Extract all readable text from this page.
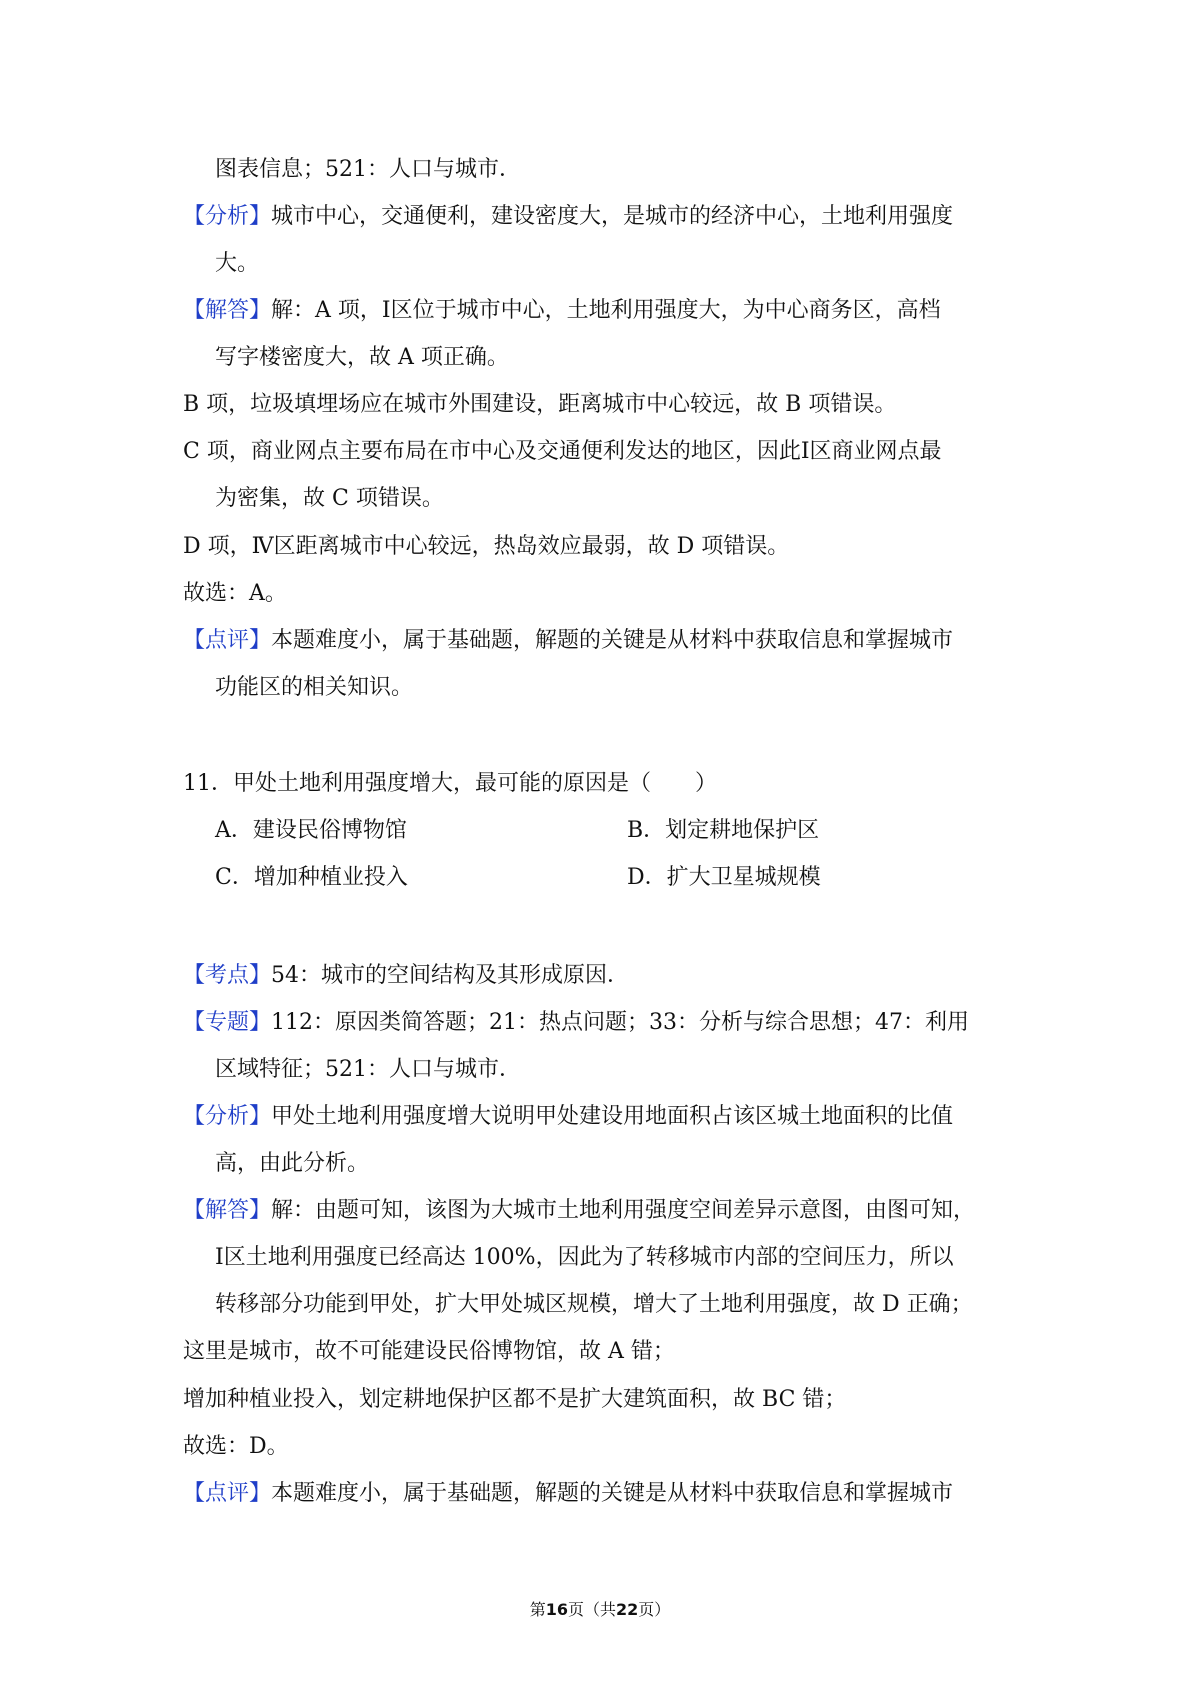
图表信息；521：人口与城市．
【分析】城市中心，交通便利，建设密度大，是城市的经济中心，土地利用强度
大。
【解答】解：A 项，Ⅰ区位于城市中心，土地利用强度大，为中心商务区，高档
写字楼密度大，故 A 项正确。
B 项，垃圾填埋场应在城市外围建设，距离城市中心较远，故 B 项错误。
C 项，商业网点主要布局在市中心及交通便利发达的地区，因此Ⅰ区商业网点最
为密集，故 C 项错误。
D 项，Ⅳ区距离城市中心较远，热岛效应最弱，故 D 项错误。
故选：A。
【点评】本题难度小，属于基础题，解题的关键是从材料中获取信息和掌握城市
功能区的相关知识。
11．甲处土地利用强度增大，最可能的原因是（　　）
A．建设民俗博物馆	B．划定耕地保护区
C．增加种植业投入	D．扩大卫星城规模
【考点】54：城市的空间结构及其形成原因．
【专题】112：原因类简答题；21：热点问题；33：分析与综合思想；47：利用
区域特征；521：人口与城市．
【分析】甲处土地利用强度增大说明甲处建设用地面积占该区城土地面积的比值
高，由此分析。
【解答】解：由题可知，该图为大城市土地利用强度空间差异示意图，由图可知，
Ⅰ区土地利用强度已经高达 100%，因此为了转移城市内部的空间压力，所以
转移部分功能到甲处，扩大甲处城区规模，增大了土地利用强度，故 D 正确；
这里是城市，故不可能建设民俗博物馆，故 A 错；
增加种植业投入，划定耕地保护区都不是扩大建筑面积，故 BC 错；
故选：D。
【点评】本题难度小，属于基础题，解题的关键是从材料中获取信息和掌握城市
第16页（共22页）
